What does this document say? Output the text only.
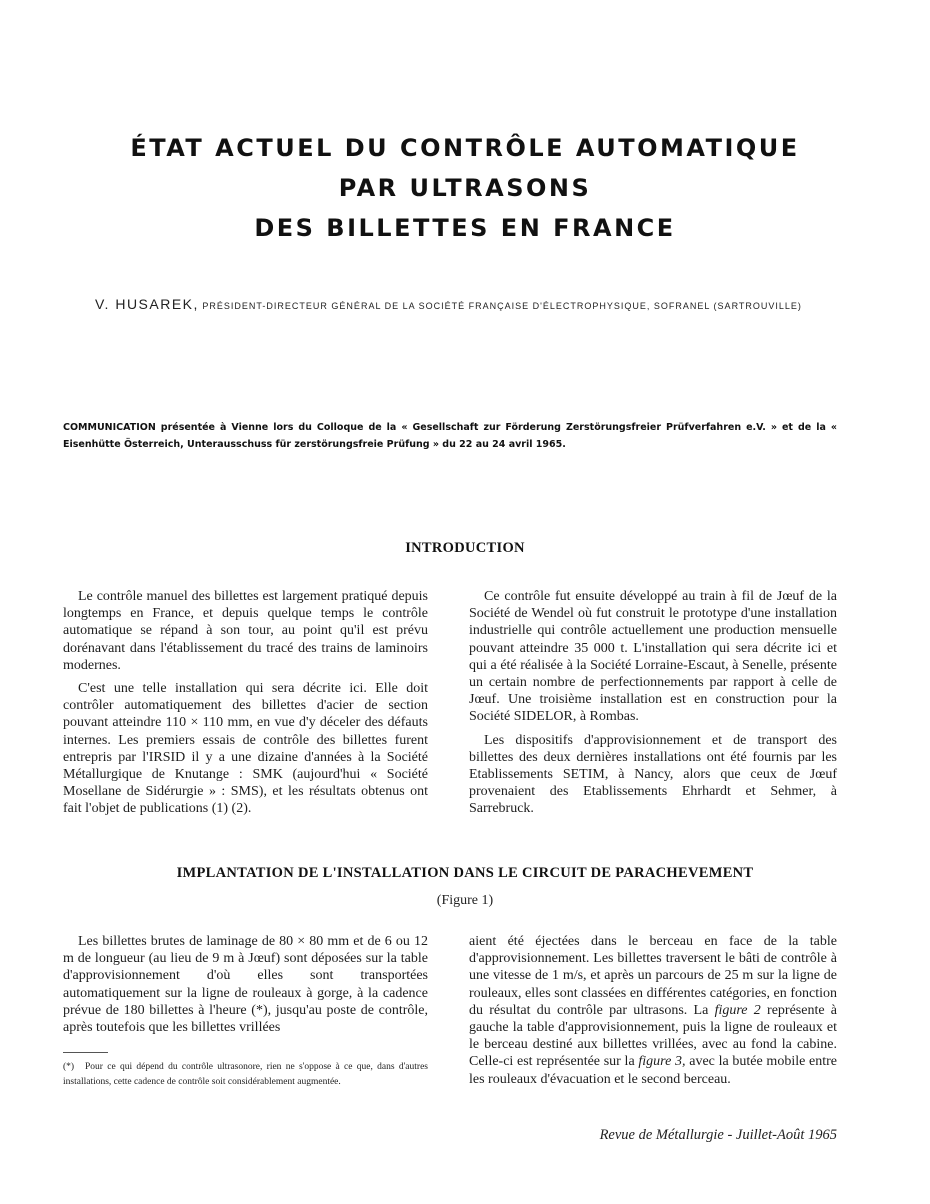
ÉTAT ACTUEL DU CONTRÔLE AUTOMATIQUE

PAR ULTRASONS

DES BILLETTES EN FRANCE

V. HUSAREK, PRÉSIDENT-DIRECTEUR GÉNÉRAL DE LA SOCIÉTÉ FRANÇAISE D'ÉLECTROPHYSIQUE, SOFRANEL (SARTROUVILLE)
COMMUNICATION présentée à Vienne lors du Colloque de la « Gesellschaft zur Förderung Zerstörungsfreier Prüfverfahren e.V. » et de la « Eisenhütte Österreich, Unterausschuss für zerstörungsfreie Prüfung » du 22 au 24 avril 1965.
INTRODUCTION

Le contrôle manuel des billettes est largement pratiqué depuis longtemps en France, et depuis quelque temps le contrôle automatique se répand à son tour, au point qu'il est prévu dorénavant dans l'établissement du tracé des trains de laminoirs modernes.

C'est une telle installation qui sera décrite ici. Elle doit contrôler automatiquement des billettes d'acier de section pouvant atteindre 110 × 110 mm, en vue d'y déceler des défauts internes. Les premiers essais de contrôle des billettes furent entrepris par l'IRSID il y a une dizaine d'années à la Société Métallurgique de Knutange : SMK (aujourd'hui « Société Mosellane de Sidérurgie » : SMS), et les résultats obtenus ont fait l'objet de publications (1) (2).

Ce contrôle fut ensuite développé au train à fil de Jœuf de la Société de Wendel où fut construit le prototype d'une installation industrielle qui contrôle actuellement une production mensuelle pouvant atteindre 35 000 t. L'installation qui sera décrite ici et qui a été réalisée à la Société Lorraine-Escaut, à Senelle, présente un certain nombre de perfectionnements par rapport à celle de Jœuf. Une troisième installation est en construction pour la Société SIDELOR, à Rombas.

Les dispositifs d'approvisionnement et de transport des billettes des deux dernières installations ont été fournis par les Etablissements SETIM, à Nancy, alors que ceux de Jœuf provenaient des Etablissements Ehrhardt et Sehmer, à Sarrebruck.

IMPLANTATION DE L'INSTALLATION DANS LE CIRCUIT DE PARACHEVEMENT
(Figure 1)

Les billettes brutes de laminage de 80 × 80 mm et de 6 ou 12 m de longueur (au lieu de 9 m à Jœuf) sont déposées sur la table d'approvisionnement d'où elles sont transportées automatiquement sur la ligne de rouleaux à gorge, à la cadence prévue de 180 billettes à l'heure (*), jusqu'au poste de contrôle, après toutefois que les billettes vrillées

aient été éjectées dans le berceau en face de la table d'approvisionnement. Les billettes traversent le bâti de contrôle à une vitesse de 1 m/s, et après un parcours de 25 m sur la ligne de rouleaux, elles sont classées en différentes catégories, en fonction du résultat du contrôle par ultrasons. La figure 2 représente à gauche la table d'approvisionnement, puis la ligne de rouleaux et le berceau destiné aux billettes vrillées, avec au fond la cabine. Celle-ci est représentée sur la figure 3, avec la butée mobile entre les rouleaux d'évacuation et le second berceau.

(*) Pour ce qui dépend du contrôle ultrasonore, rien ne s'oppose à ce que, dans d'autres installations, cette cadence de contrôle soit considérablement augmentée.
Revue de Métallurgie - Juillet-Août 1965
